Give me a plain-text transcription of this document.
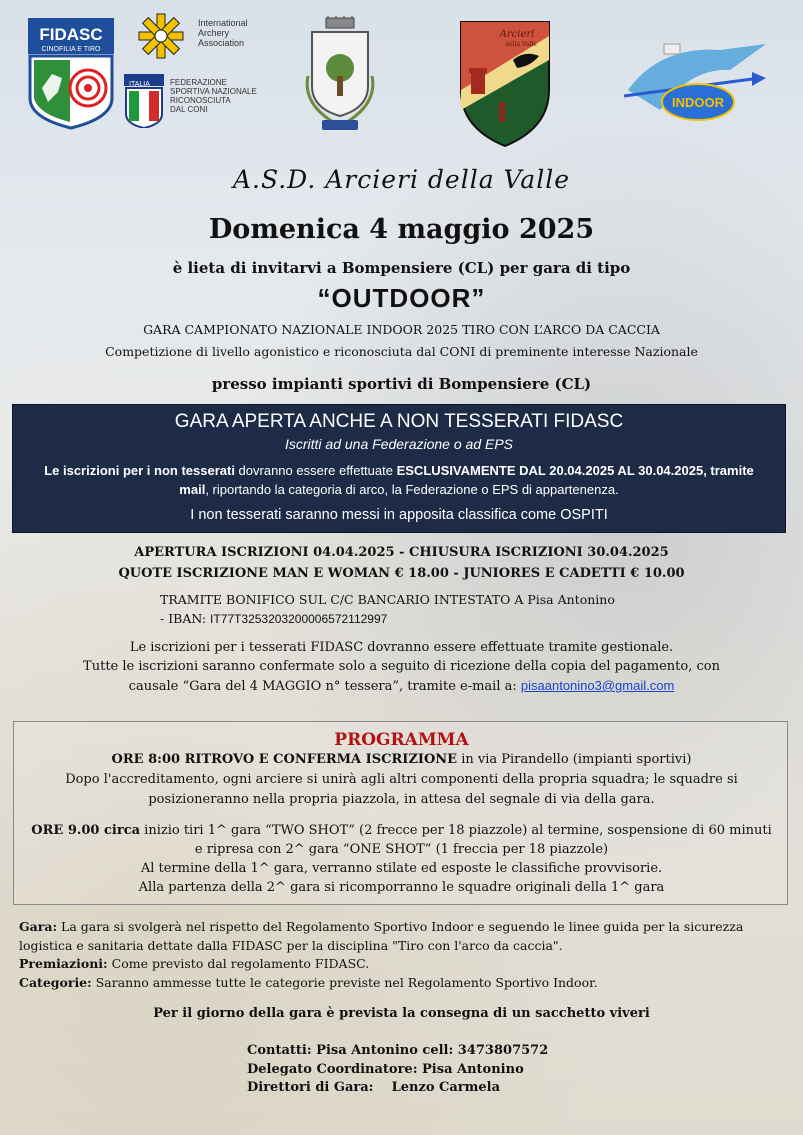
FIDASC
CINOFILIA E TIRO
International
Archery
Association
ITALIA	FEDERAZIONE
SPORTIVA NAZIONALE
RICONOSCIUTA
DAL CONI
Arcieri
della Valle
INDOOR
A.S.D. Arcieri della Valle
Domenica 4 maggio 2025
è lieta di invitarvi a Bompensiere (CL) per gara di tipo
“OUTDOOR”
GARA CAMPIONATO NAZIONALE INDOOR 2025 TIRO CON L’ARCO DA CACCIA
Competizione di livello agonistico e riconosciuta dal CONI di preminente interesse Nazionale
presso impianti sportivi di Bompensiere (CL)
GARA APERTA ANCHE A NON TESSERATI FIDASC
Iscritti ad una Federazione o ad EPS
Le iscrizioni per i non tesserati dovranno essere effettuate ESCLUSIVAMENTE DAL 20.04.2025 AL 30.04.2025, tramite mail, riportando la categoria di arco, la Federazione o EPS di appartenenza.
I non tesserati saranno messi in apposita classifica come OSPITI
APERTURA ISCRIZIONI 04.04.2025 - CHIUSURA ISCRIZIONI 30.04.2025
QUOTE ISCRIZIONE MAN E WOMAN € 18.00 - JUNIORES E CADETTI € 10.00
TRAMITE BONIFICO SUL C/C BANCARIO INTESTATO A Pisa Antonino
- IBAN: IT77T3253203200006572112997
Le iscrizioni per i tesserati FIDASC dovranno essere effettuate tramite gestionale.
Tutte le iscrizioni saranno confermate solo a seguito di ricezione della copia del pagamento, con
causale “Gara del 4 MAGGIO n° tessera”, tramite e-mail a: pisaantonino3@gmail.com
PROGRAMMA
ORE 8:00 RITROVO E CONFERMA ISCRIZIONE in via Pirandello (impianti sportivi)
Dopo l'accreditamento, ogni arciere si unirà agli altri componenti della propria squadra; le squadre si
posizioneranno nella propria piazzola, in attesa del segnale di via della gara.
ORE 9.00 circa inizio tiri 1^ gara “TWO SHOT” (2 frecce per 18 piazzole) al termine, sospensione di 60 minuti
e ripresa con 2^ gara “ONE SHOT” (1 freccia per 18 piazzole)
Al termine della 1^ gara, verranno stilate ed esposte le classifiche provvisorie.
Alla partenza della 2^ gara si ricomporranno le squadre originali della 1^ gara
Gara: La gara si svolgerà nel rispetto del Regolamento Sportivo Indoor e seguendo le linee guida per la sicurezza
logistica e sanitaria dettate dalla FIDASC per la disciplina "Tiro con l'arco da caccia".
Premiazioni: Come previsto dal regolamento FIDASC.
Categorie: Saranno ammesse tutte le categorie previste nel Regolamento Sportivo Indoor.
Per il giorno della gara è prevista la consegna di un sacchetto viveri
Contatti: Pisa Antonino cell: 3473807572
Delegato Coordinatore: Pisa Antonino
Direttori di Gara: Lenzo Carmela
